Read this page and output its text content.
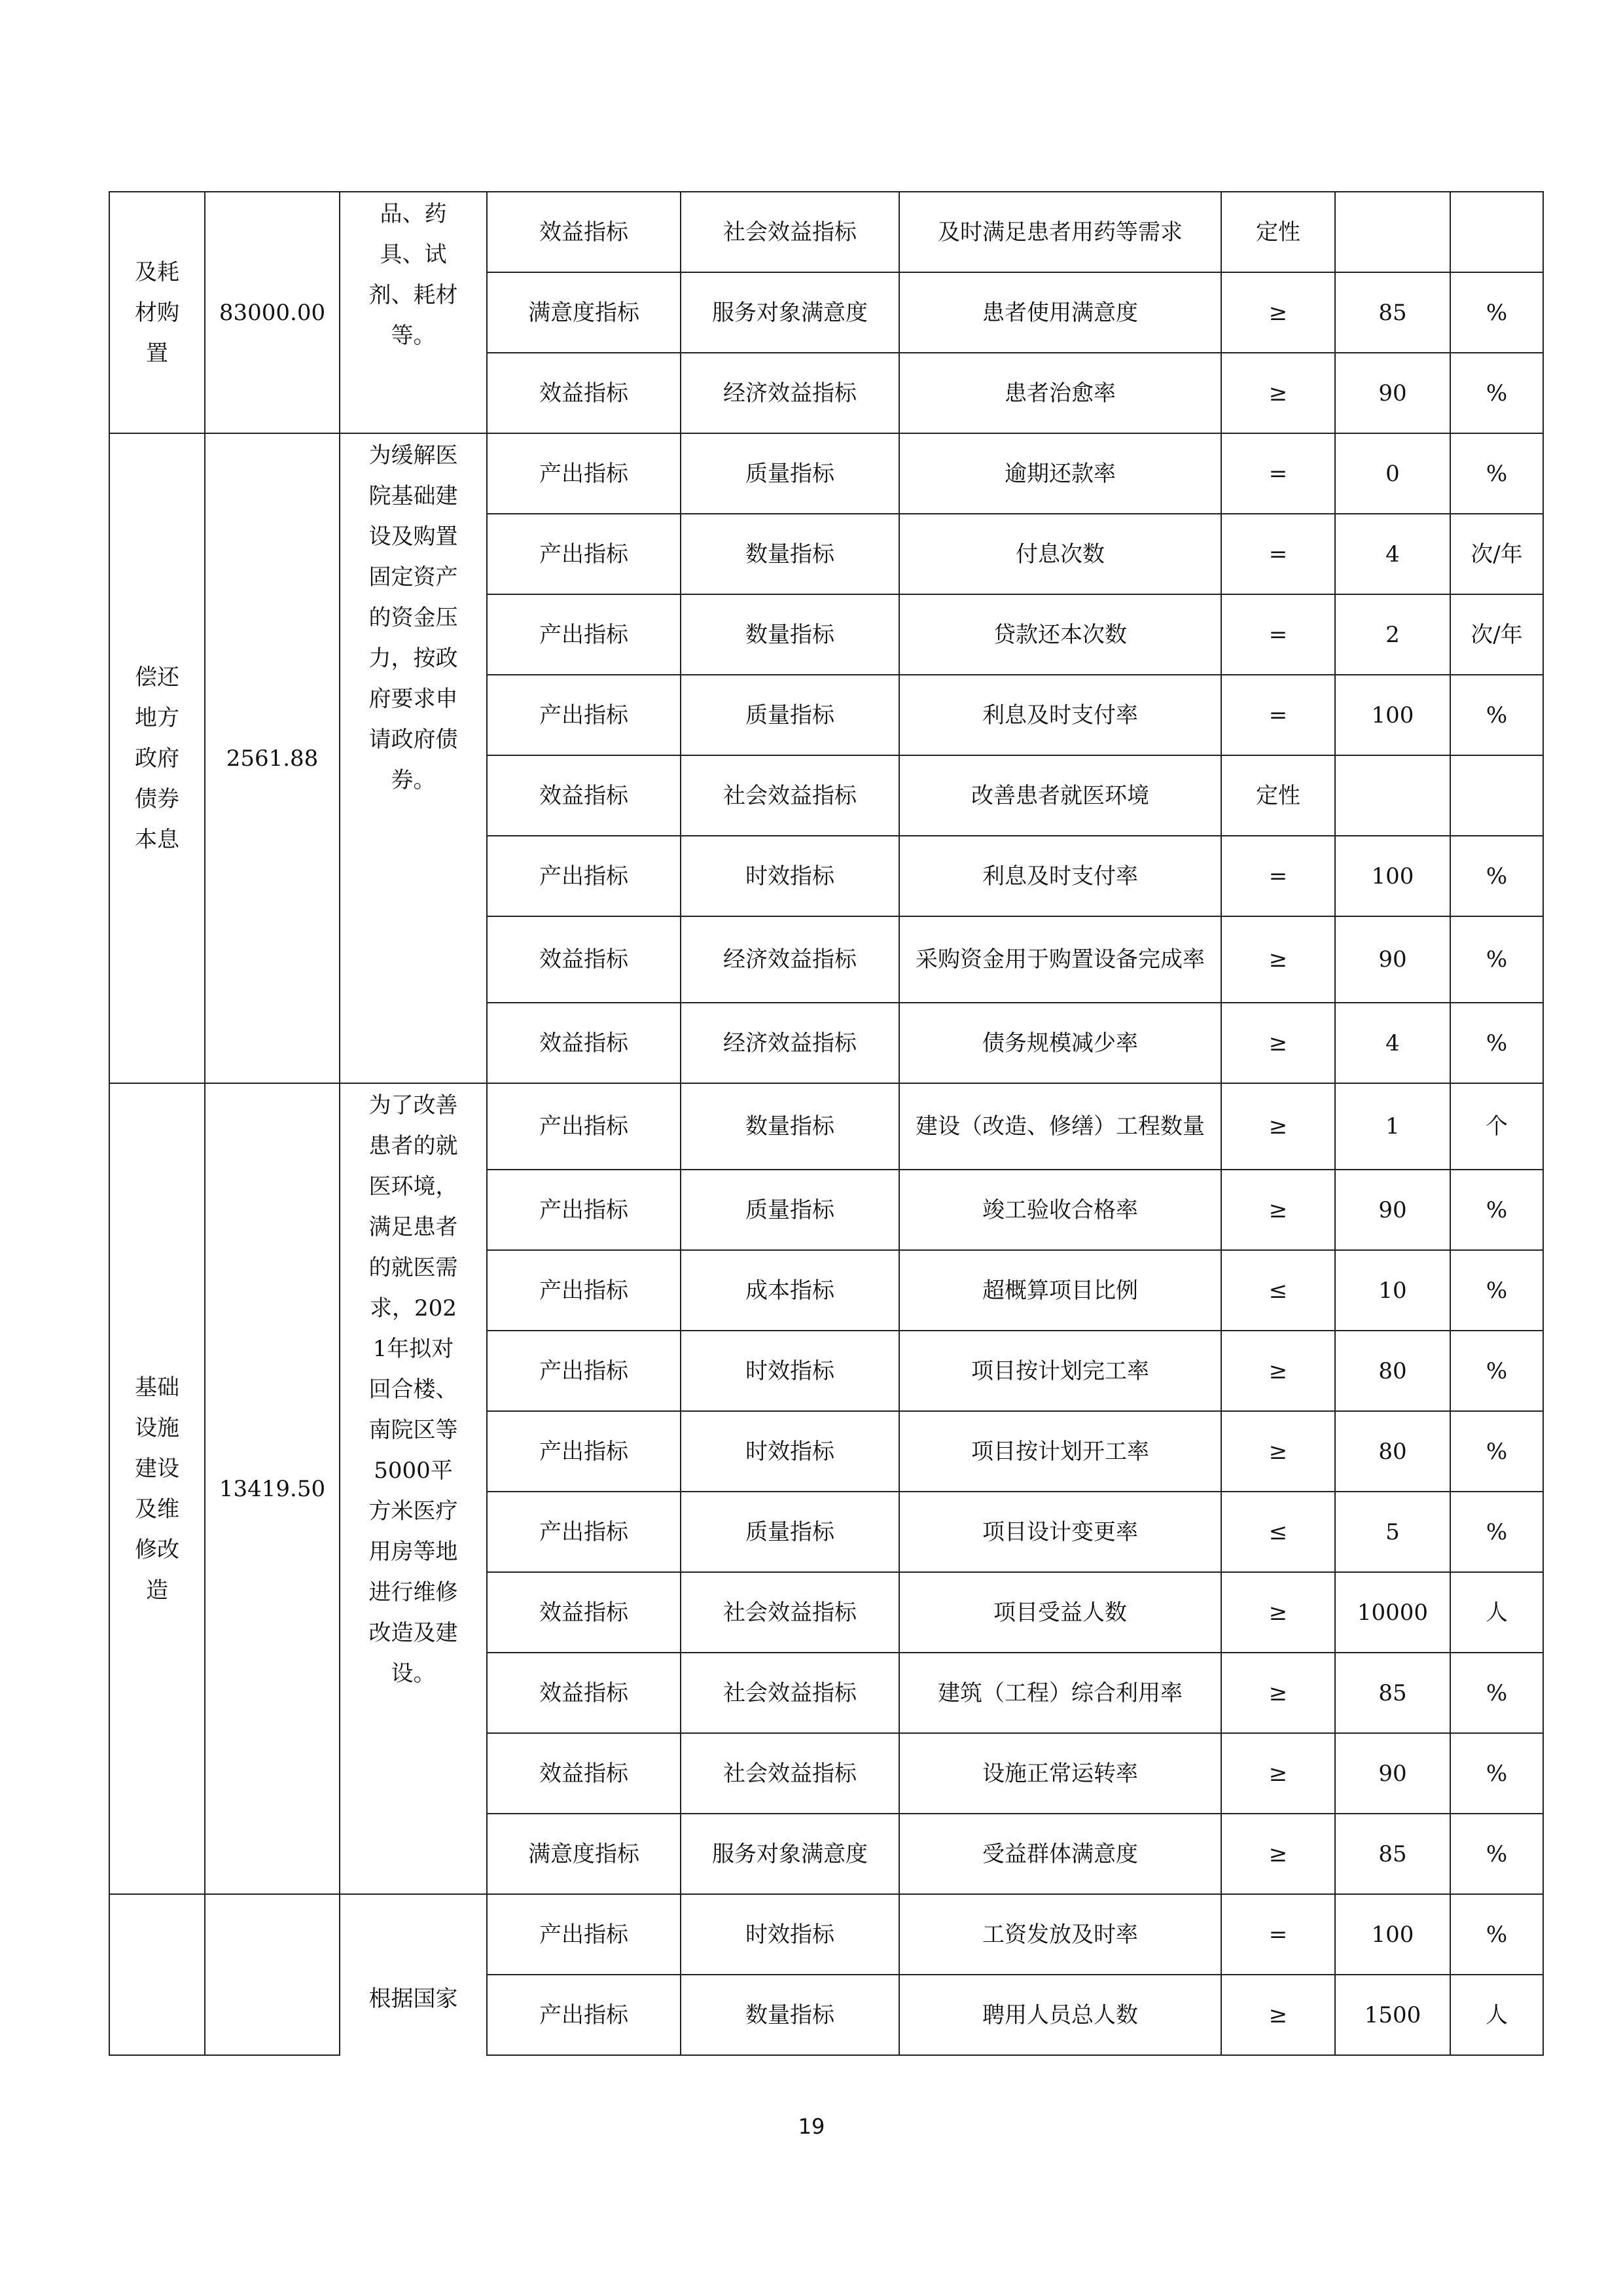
及耗材购置	83000.00	品、药具、试剂、耗材等。	效益指标	社会效益指标	及时满足患者用药等需求	定性		
			满意度指标	服务对象满意度	患者使用满意度	≥	85	%
			效益指标	经济效益指标	患者治愈率	≥	90	%
偿还地方政府债券本息	2561.88	为缓解医院基础建设及购置固定资产的资金压力，按政府要求申请政府债券。	产出指标	质量指标	逾期还款率	=	0	%
			产出指标	数量指标	付息次数	=	4	次/年
			产出指标	数量指标	贷款还本次数	=	2	次/年
			产出指标	质量指标	利息及时支付率	=	100	%
			效益指标	社会效益指标	改善患者就医环境	定性		
			产出指标	时效指标	利息及时支付率	=	100	%
			效益指标	经济效益指标	采购资金用于购置设备完成率	≥	90	%
			效益指标	经济效益指标	债务规模减少率	≥	4	%
基础设施建设及维修改造	13419.50	为了改善患者的就医环境，满足患者的就医需求，2021年拟对回合楼、南院区等5000平方米医疗用房等地进行维修改造及建设。	产出指标	数量指标	建设（改造、修缮）工程数量	≥	1	个
			产出指标	质量指标	竣工验收合格率	≥	90	%
			产出指标	成本指标	超概算项目比例	≤	10	%
			产出指标	时效指标	项目按计划完工率	≥	80	%
			产出指标	时效指标	项目按计划开工率	≥	80	%
			产出指标	质量指标	项目设计变更率	≤	5	%
			效益指标	社会效益指标	项目受益人数	≥	10000	人
			效益指标	社会效益指标	建筑（工程）综合利用率	≥	85	%
			效益指标	社会效益指标	设施正常运转率	≥	90	%
			满意度指标	服务对象满意度	受益群体满意度	≥	85	%
		根据国家	产出指标	时效指标	工资发放及时率	=	100	%
			产出指标	数量指标	聘用人员总人数	≥	1500	人
19
